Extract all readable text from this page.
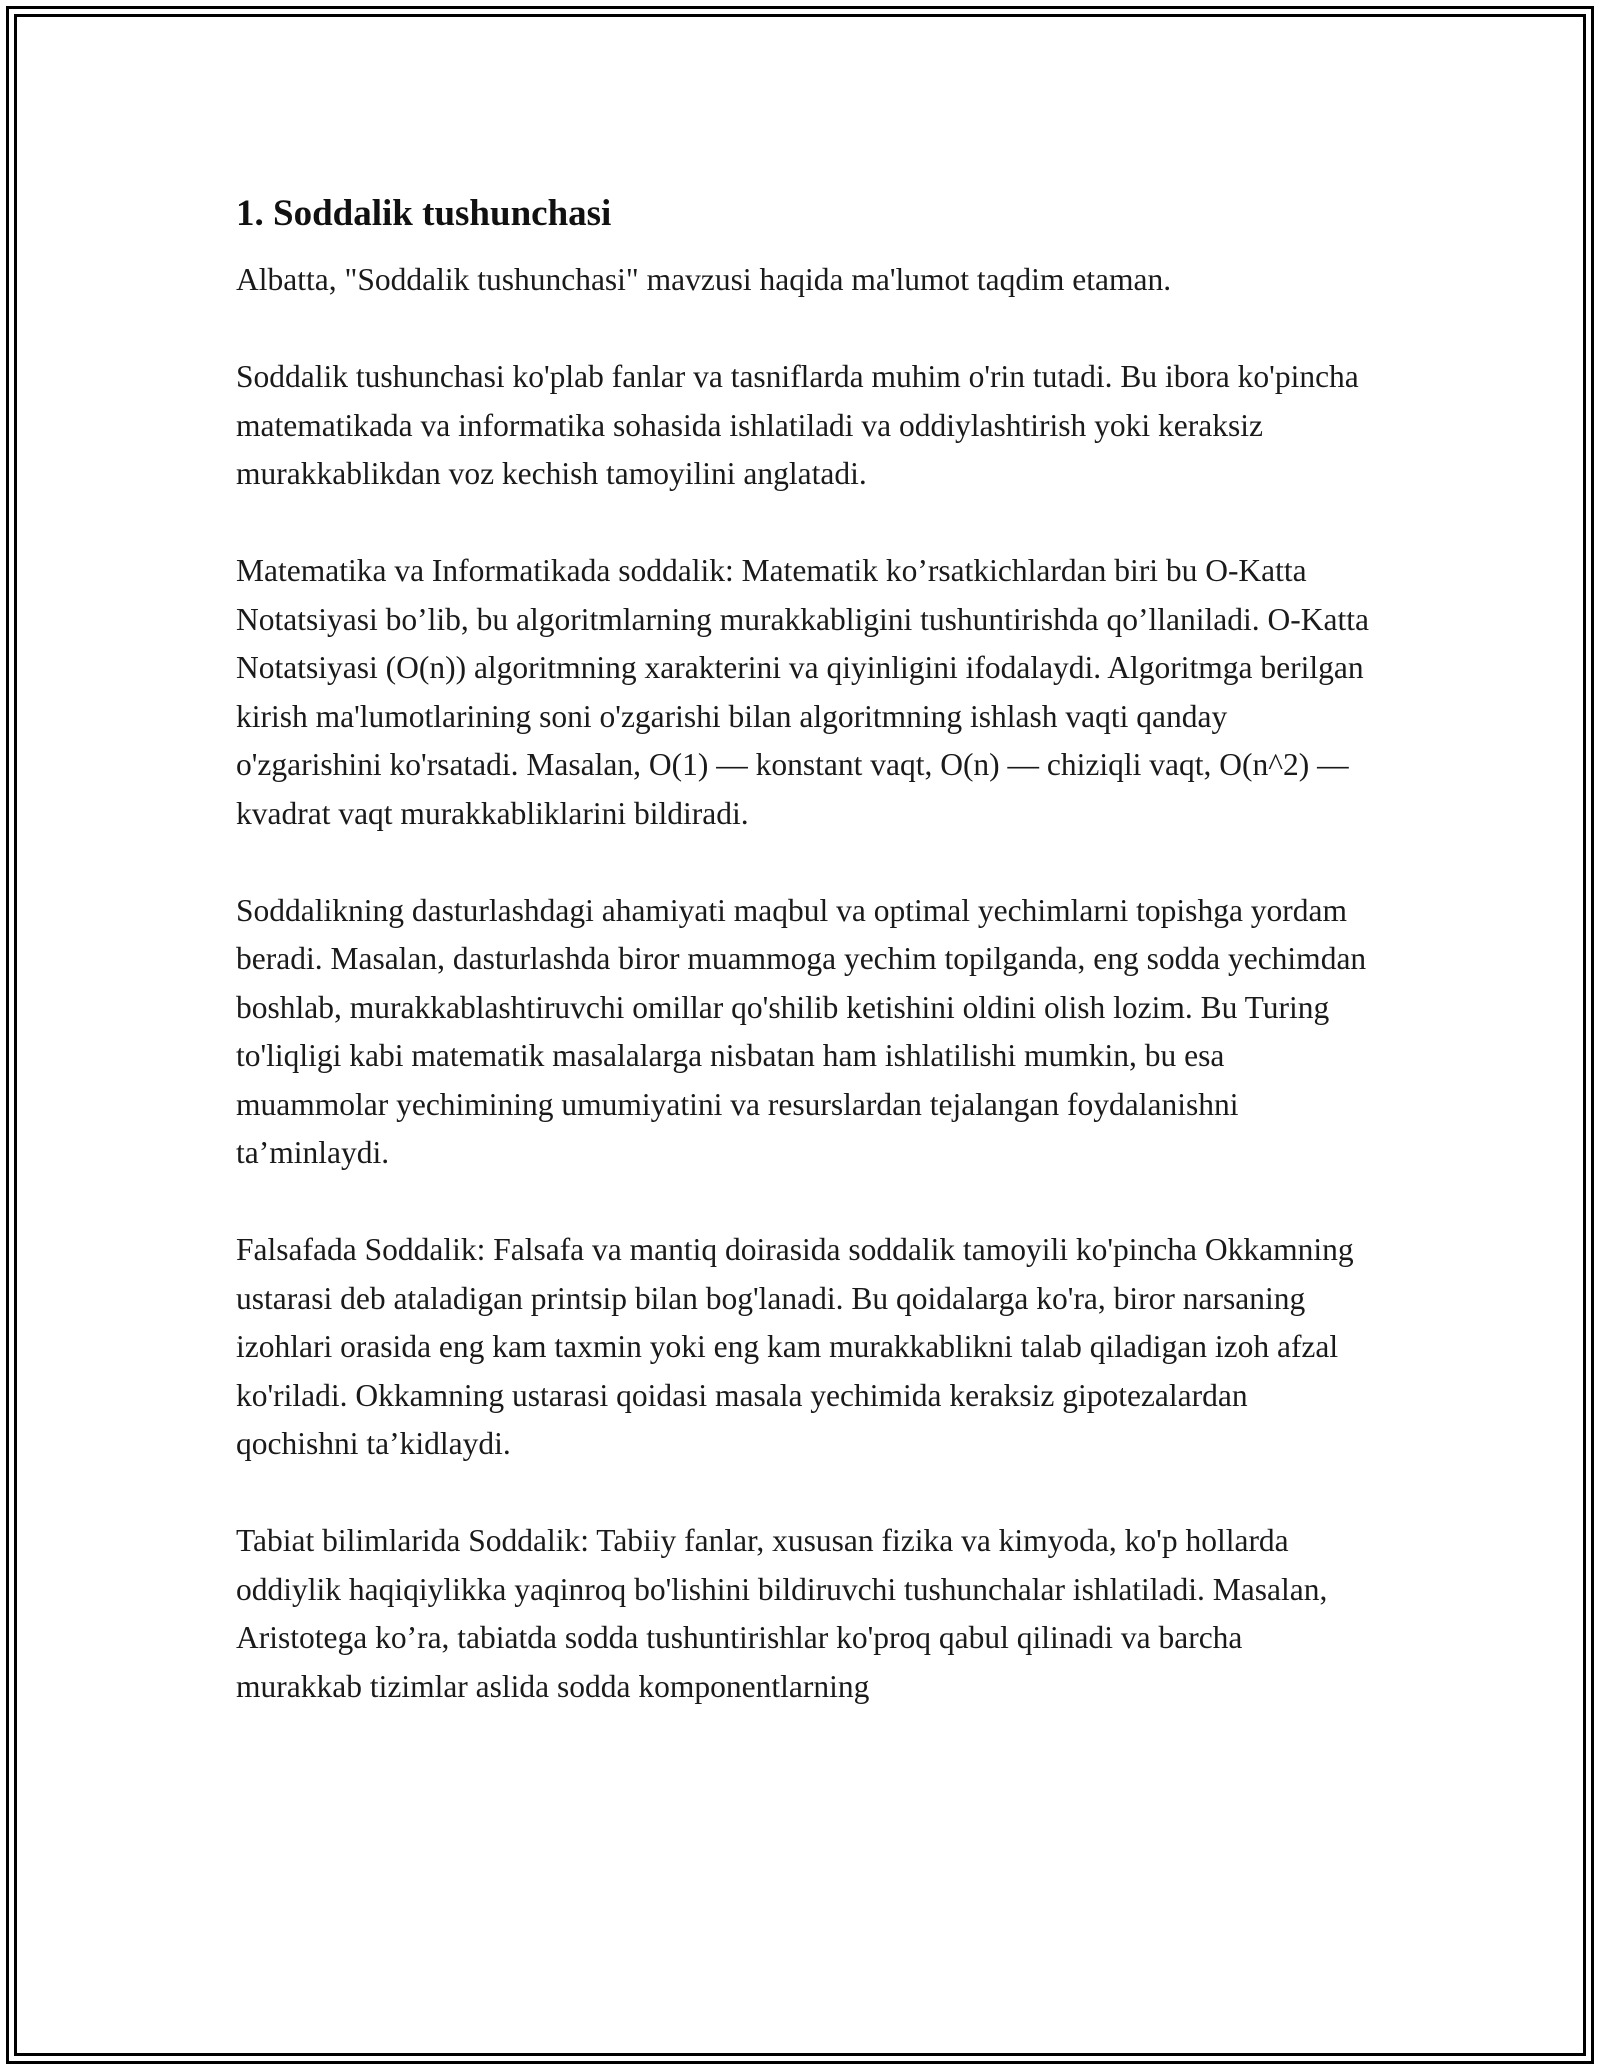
1. Soddalik tushunchasi

Albatta, "Soddalik tushunchasi" mavzusi haqida ma'lumot taqdim etaman.

Soddalik tushunchasi ko'plab fanlar va tasniflarda muhim o'rin tutadi. Bu ibora ko'pincha matematikada va informatika sohasida ishlatiladi va oddiylashtirish yoki keraksiz murakkablikdan voz kechish tamoyilini anglatadi.

Matematika va Informatikada soddalik: Matematik ko’rsatkichlardan biri bu O-Katta Notatsiyasi bo’lib, bu algoritmlarning murakkabligini tushuntirishda qo’llaniladi. O-Katta Notatsiyasi (O(n)) algoritmning xarakterini va qiyinligini ifodalaydi. Algoritmga berilgan kirish ma'lumotlarining soni o'zgarishi bilan algoritmning ishlash vaqti qanday o'zgarishini ko'rsatadi. Masalan, O(1) — konstant vaqt, O(n) — chiziqli vaqt, O(n^2) — kvadrat vaqt murakkabliklarini bildiradi.

Soddalikning dasturlashdagi ahamiyati maqbul va optimal yechimlarni topishga yordam beradi. Masalan, dasturlashda biror muammoga yechim topilganda, eng sodda yechimdan boshlab, murakkablashtiruvchi omillar qo'shilib ketishini oldini olish lozim. Bu Turing to'liqligi kabi matematik masalalarga nisbatan ham ishlatilishi mumkin, bu esa muammolar yechimining umumiyatini va resurslardan tejalangan foydalanishni ta’minlaydi.

Falsafada Soddalik: Falsafa va mantiq doirasida soddalik tamoyili ko'pincha Okkamning ustarasi deb ataladigan printsip bilan bog'lanadi. Bu qoidalarga ko'ra, biror narsaning izohlari orasida eng kam taxmin yoki eng kam murakkablikni talab qiladigan izoh afzal ko'riladi. Okkamning ustarasi qoidasi masala yechimida keraksiz gipotezalardan qochishni ta’kidlaydi.

Tabiat bilimlarida Soddalik: Tabiiy fanlar, xususan fizika va kimyoda, ko'p hollarda oddiylik haqiqiylikka yaqinroq bo'lishini bildiruvchi tushunchalar ishlatiladi. Masalan, Aristotega ko’ra, tabiatda sodda tushuntirishlar ko'proq qabul qilinadi va barcha murakkab tizimlar aslida sodda komponentlarning
